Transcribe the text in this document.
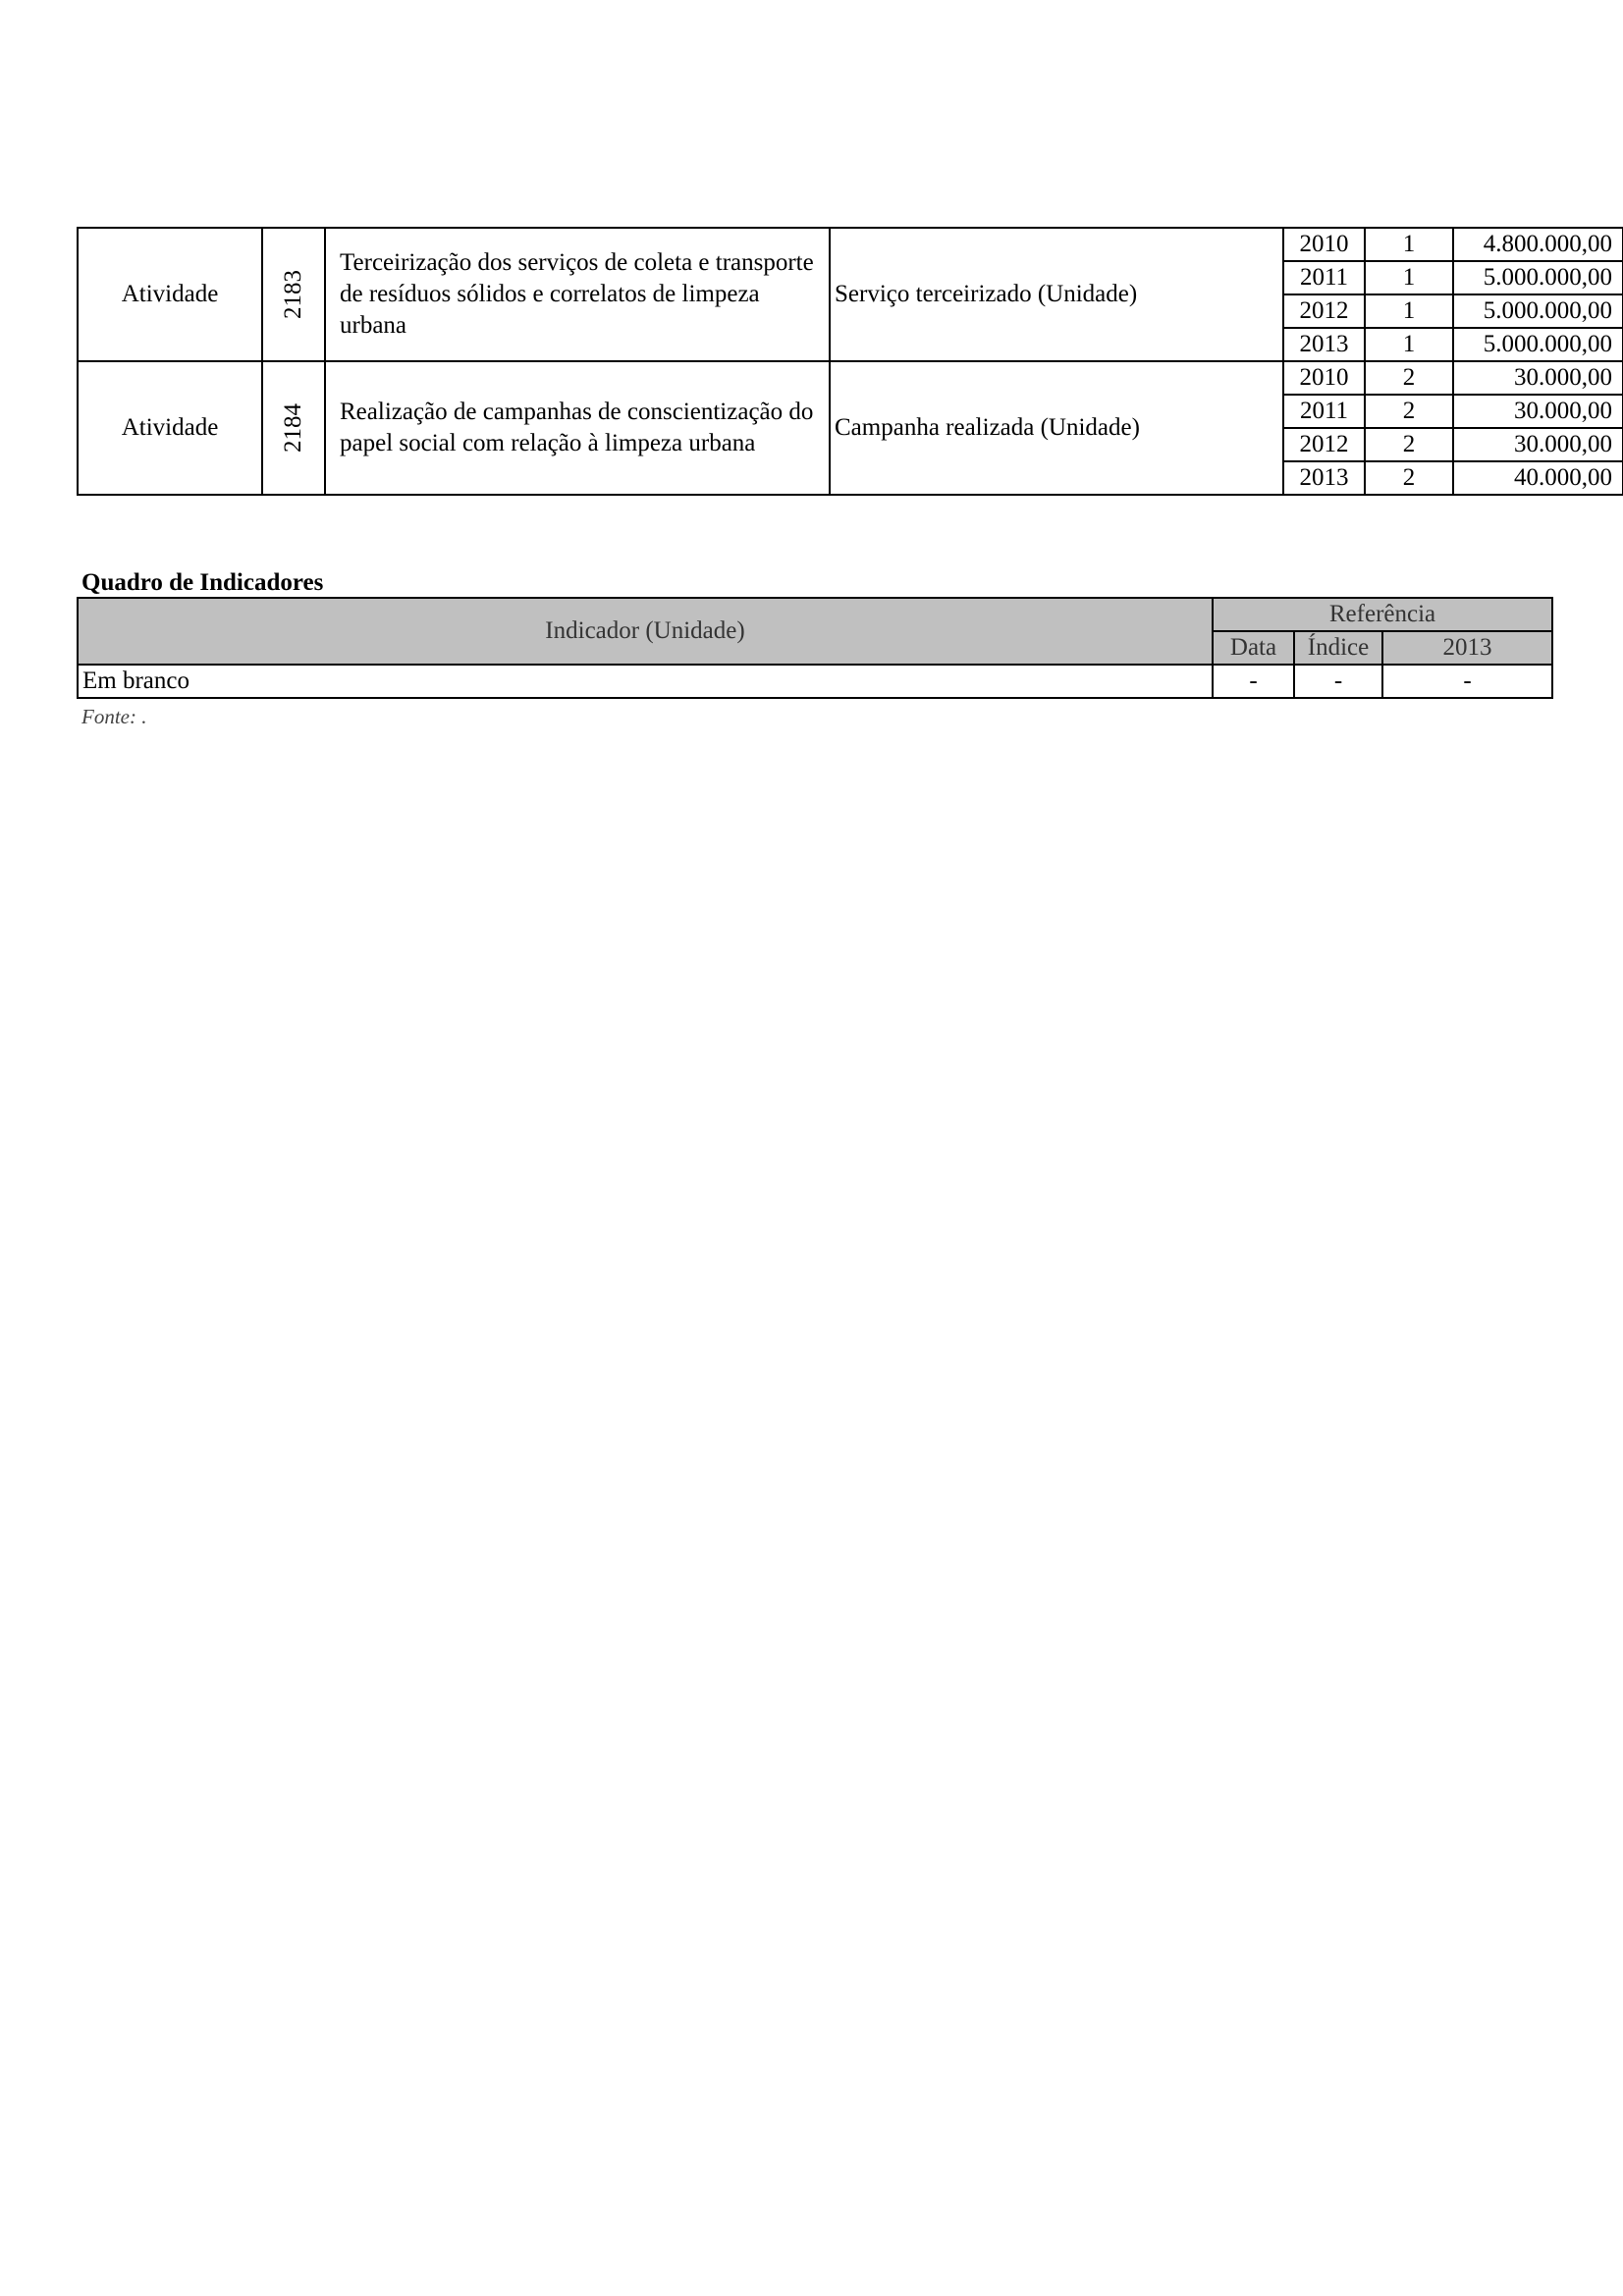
Atividade	2183	Terceirização dos serviços de coleta e transporte de resíduos sólidos e correlatos de limpeza urbana	Serviço terceirizado (Unidade)	2010	1	4.800.000,00
				2011	1	5.000.000,00
				2012	1	5.000.000,00
				2013	1	5.000.000,00
Atividade	2184	Realização de campanhas de conscientização do papel social com relação à limpeza urbana	Campanha realizada (Unidade)	2010	2	30.000,00
				2011	2	30.000,00
				2012	2	30.000,00
				2013	2	40.000,00
Quadro de Indicadores
Indicador (Unidade)	Referência		
	Data	Índice	2013
Em branco	-	-	-
Fonte: .
